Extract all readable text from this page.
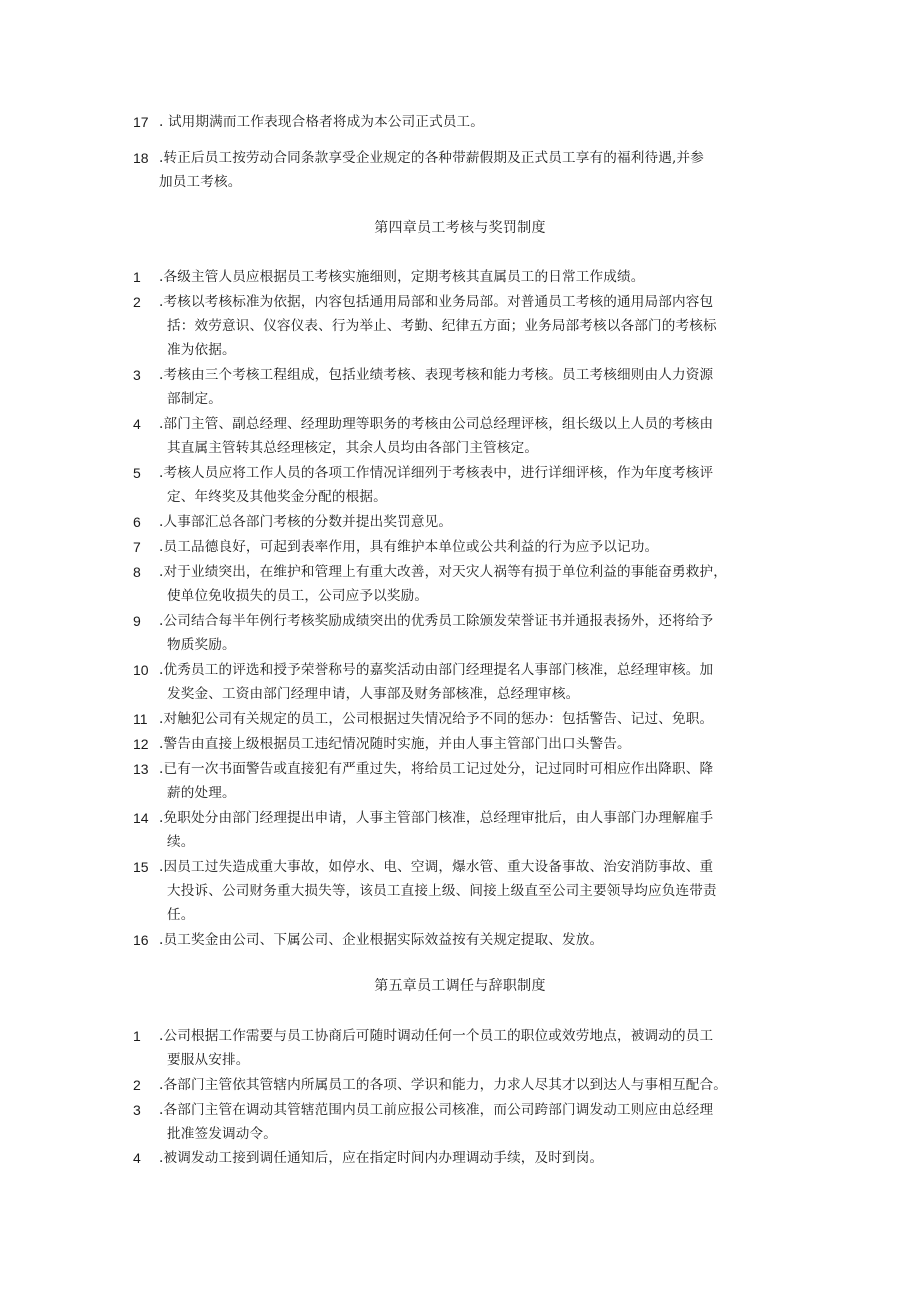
17 . 试用期满而工作表现合格者将成为本公司正式员工。
18 .转正后员工按劳动合同条款享受企业规定的各种带薪假期及正式员工享有的福利待遇,并参
加员工考核。
第四章员工考核与奖罚制度
1 .各级主管人员应根据员工考核实施细则，定期考核其直属员工的日常工作成绩。
2 .考核以考核标准为依据，内容包括通用局部和业务局部。对普通员工考核的通用局部内容包
括：效劳意识、仪容仪表、行为举止、考勤、纪律五方面；业务局部考核以各部门的考核标
准为依据。
3 .考核由三个考核工程组成，包括业绩考核、表现考核和能力考核。员工考核细则由人力资源
部制定。
4 .部门主管、副总经理、经理助理等职务的考核由公司总经理评核，组长级以上人员的考核由
其直属主管转其总经理核定，其余人员均由各部门主管核定。
5 .考核人员应将工作人员的各项工作情况详细列于考核表中，进行详细评核，作为年度考核评
定、年终奖及其他奖金分配的根据。
6 .人事部汇总各部门考核的分数并提出奖罚意见。
7 .员工品德良好，可起到表率作用，具有维护本单位或公共利益的行为应予以记功。
8 .对于业绩突出，在维护和管理上有重大改善，对天灾人祸等有损于单位利益的事能奋勇救护，
使单位免收损失的员工，公司应予以奖励。
9 .公司结合每半年例行考核奖励成绩突出的优秀员工除颁发荣誉证书并通报表扬外，还将给予
物质奖励。
10 .优秀员工的评选和授予荣誉称号的嘉奖活动由部门经理提名人事部门核准，总经理审核。加
发奖金、工资由部门经理申请，人事部及财务部核准，总经理审核。
11 .对触犯公司有关规定的员工，公司根据过失情况给予不同的惩办：包括警告、记过、免职。
12 .警告由直接上级根据员工违纪情况随时实施，并由人事主管部门出口头警告。
13 .已有一次书面警告或直接犯有严重过失，将给员工记过处分，记过同时可相应作出降职、降
薪的处理。
14 .免职处分由部门经理提出申请，人事主管部门核准，总经理审批后，由人事部门办理解雇手
续。
15 .因员工过失造成重大事故，如停水、电、空调，爆水管、重大设备事故、治安消防事故、重
大投诉、公司财务重大损失等，该员工直接上级、间接上级直至公司主要领导均应负连带责
任。
16 .员工奖金由公司、下属公司、企业根据实际效益按有关规定提取、发放。
第五章员工调任与辞职制度
1 .公司根据工作需要与员工协商后可随时调动任何一个员工的职位或效劳地点，被调动的员工
要服从安排。
2 .各部门主管依其管辖内所属员工的各项、学识和能力，力求人尽其才以到达人与事相互配合。
3 .各部门主管在调动其管辖范围内员工前应报公司核准，而公司跨部门调发动工则应由总经理
批准签发调动令。
4 .被调发动工接到调任通知后，应在指定时间内办理调动手续，及时到岗。
